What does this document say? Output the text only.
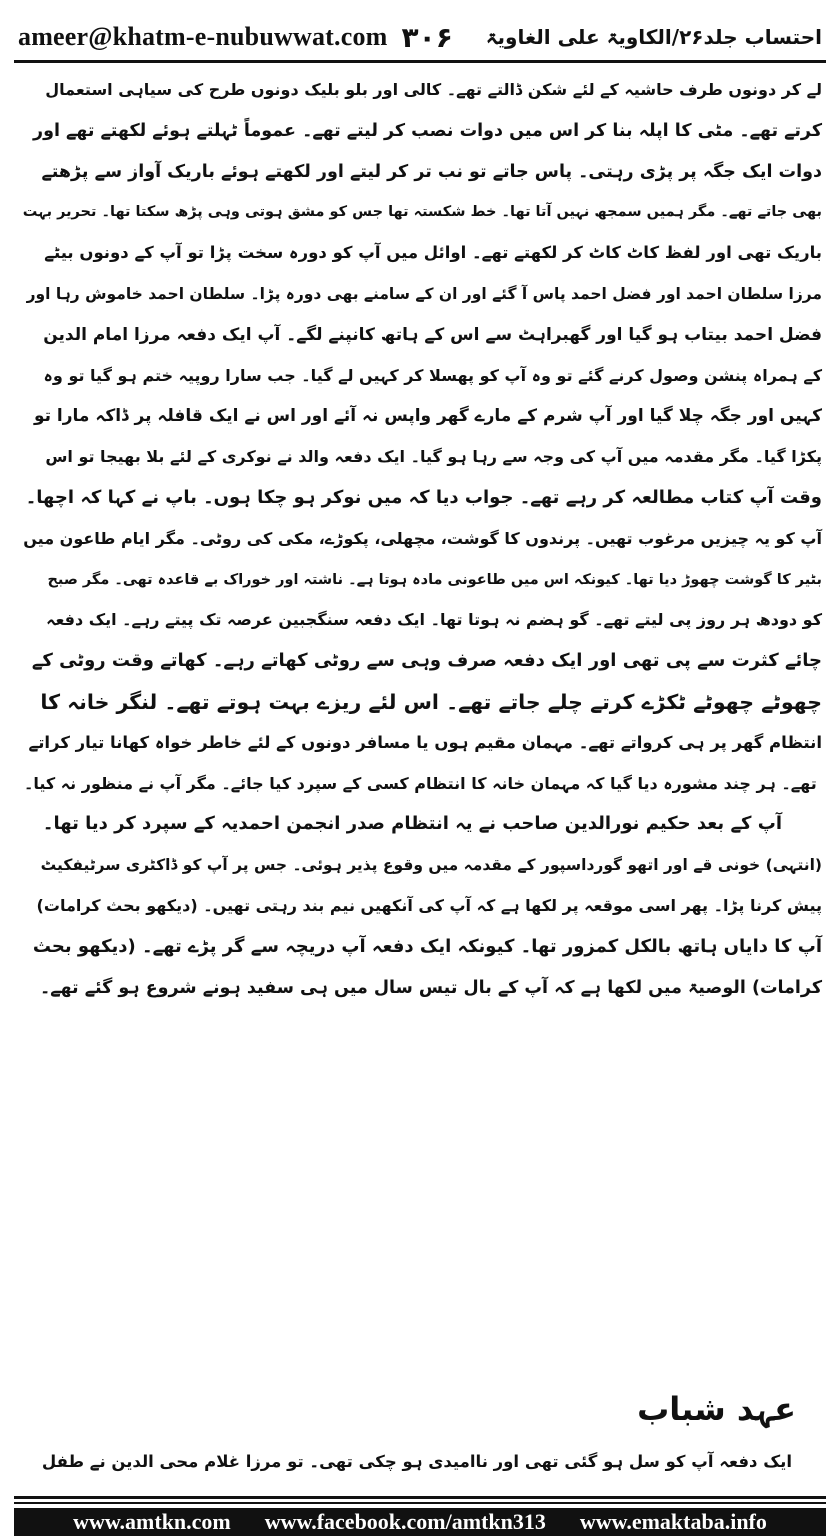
ameer@khatm-e-nubuwwat.com ۳۰۶ احتساب جلد۲۶/الکاویۃ علی الغاویۃ

لے کر دونوں طرف حاشیہ کے لئے شکن ڈالتے تھے۔ کالی اور بلو بلیک دونوں طرح کی سیاہی استعمال

کرتے تھے۔ مٹی کا اپلہ بنا کر اس میں دوات نصب کر لیتے تھے۔ عموماً ٹہلتے ہوئے لکھتے تھے اور

دوات ایک جگہ پر پڑی رہتی۔ پاس جاتے تو نب تر کر لیتے اور لکھتے ہوئے باریک آواز سے پڑھتے

بھی جاتے تھے۔ مگر ہمیں سمجھ نہیں آتا تھا۔ خط شکستہ تھا جس کو مشق ہوتی وہی پڑھ سکتا تھا۔ تحریر بہت

باریک تھی اور لفظ کاٹ کاٹ کر لکھتے تھے۔ اوائل میں آپ کو دورہ سخت پڑا تو آپ کے دونوں بیٹے

مرزا سلطان احمد اور فضل احمد پاس آ گئے اور ان کے سامنے بھی دورہ پڑا۔ سلطان احمد خاموش رہا اور

فضل احمد بیتاب ہو گیا اور گھبراہٹ سے اس کے ہاتھ کانپنے لگے۔ آپ ایک دفعہ مرزا امام الدین

کے ہمراہ پنشن وصول کرنے گئے تو وہ آپ کو پھسلا کر کہیں لے گیا۔ جب سارا روپیہ ختم ہو گیا تو وہ

کہیں اور جگہ چلا گیا اور آپ شرم کے مارے گھر واپس نہ آئے اور اس نے ایک قافلہ پر ڈاکہ مارا تو

پکڑا گیا۔ مگر مقدمہ میں آپ کی وجہ سے رہا ہو گیا۔ ایک دفعہ والد نے نوکری کے لئے بلا بھیجا تو اس

وقت آپ کتاب مطالعہ کر رہے تھے۔ جواب دیا کہ میں نوکر ہو چکا ہوں۔ باپ نے کہا کہ اچھا۔

آپ کو یہ چیزیں مرغوب تھیں۔ پرندوں کا گوشت، مچھلی، پکوڑے، مکی کی روٹی۔ مگر ایام طاعون میں

بٹیر کا گوشت چھوڑ دیا تھا۔ کیونکہ اس میں طاعونی مادہ ہوتا ہے۔ ناشتہ اور خوراک بے قاعدہ تھی۔ مگر صبح

کو دودھ ہر روز پی لیتے تھے۔ گو ہضم نہ ہوتا تھا۔ ایک دفعہ سنگجبین عرصہ تک پیتے رہے۔ ایک دفعہ

چائے کثرت سے پی تھی اور ایک دفعہ صرف وہی سے روٹی کھاتے رہے۔ کھاتے وقت روٹی کے

چھوٹے چھوٹے ٹکڑے کرتے چلے جاتے تھے۔ اس لئے ریزے بہت ہوتے تھے۔ لنگر خانہ کا

انتظام گھر پر ہی کرواتے تھے۔ مہمان مقیم ہوں یا مسافر دونوں کے لئے خاطر خواہ کھانا تیار کراتے

تھے۔ ہر چند مشورہ دیا گیا کہ مہمان خانہ کا انتظام کسی کے سپرد کیا جائے۔ مگر آپ نے منظور نہ کیا۔

آپ کے بعد حکیم نورالدین صاحب نے یہ انتظام صدر انجمن احمدیہ کے سپرد کر دیا تھا۔

(انتہی) خونی قے اور اتھو گورداسپور کے مقدمہ میں وقوع پذیر ہوئی۔ جس پر آپ کو ڈاکٹری سرٹیفکیٹ

پیش کرنا پڑا۔ پھر اسی موقعہ پر لکھا ہے کہ آپ کی آنکھیں نیم بند رہتی تھیں۔ (دیکھو بحث کرامات)

آپ کا دایاں ہاتھ بالکل کمزور تھا۔ کیونکہ ایک دفعہ آپ دریچہ سے گر پڑے تھے۔ (دیکھو بحث

کرامات) الوصیۃ میں لکھا ہے کہ آپ کے بال تیس سال میں ہی سفید ہونے شروع ہو گئے تھے۔

عہد شباب
ایک دفعہ آپ کو سل ہو گئی تھی اور ناامیدی ہو چکی تھی۔ تو مرزا غلام محی الدین نے طفل
www.amtkn.com www.facebook.com/amtkn313 www.emaktaba.info
